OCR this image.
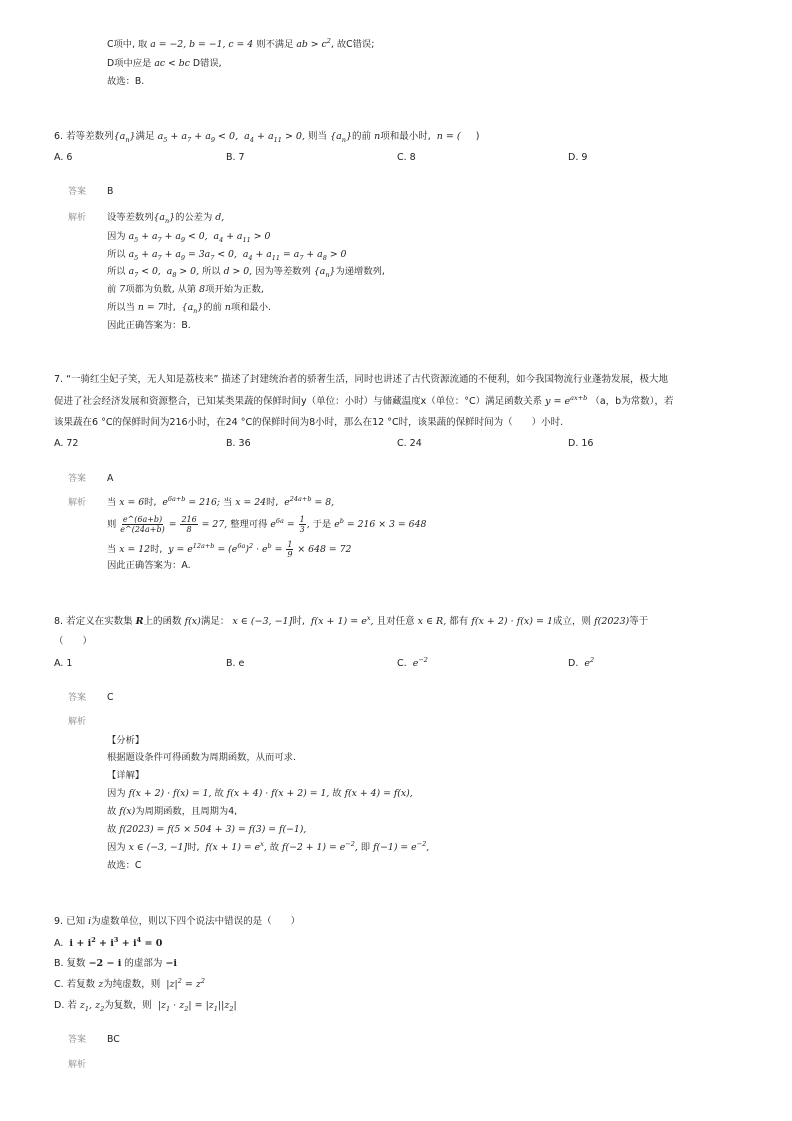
C项中, 取 a = −2, b = −1, c = 4 则不满足 ab > $c^2$, 故C错误;
D项中应是 ac < bc D错误,
故选：B.
6. 若等差数列$\{a_n\}$满足 $a_5 + a_7 + a_9 < 0$, $a_4 + a_{11} > 0$, 则当 $\{a_n\}$的前 n项和最小时, n = ( )
A. 6	B. 7	C. 8	D. 9
答案 B
解析 设等差数列$\{a_n\}$的公差为 d,
因为 $a_5 + a_7 + a_9 < 0$, $a_4 + a_{11} > 0$
所以 $a_5 + a_7 + a_9 = 3a_7 < 0$, $a_4 + a_{11} = a_7 + a_8 > 0$
所以 $a_7 < 0$, $a_8 > 0$, 所以 d > 0, 因为等差数列 $\{a_n\}$为递增数列,
前 7项都为负数, 从第 8项开始为正数,
所以当 n = 7时, $\{a_n\}$的前 n项和最小.
因此正确答案为：B.
7. “一骑红尘妃子笑，无人知是荔枝来” 描述了封建统治者的骄奢生活，同时也讲述了古代资源流通的不便利，如今我国物流行业蓬勃发展，极大地
促进了社会经济发展和资源整合，已知某类果蔬的保鲜时间y（单位：小时）与储藏温度x（单位：°C）满足函数关系 $y = e^{ax+b}$ （a，b为常数），若
该果蔬在6 °C的保鲜时间为216小时，在24 °C的保鲜时间为8小时，那么在12 °C时，该果蔬的保鲜时间为（　　）小时.
A. 72	B. 36	C. 24	D. 16
答案 A
解析 当 x = 6时, $e^{6a+b} = 216$; 当 x = 24时, $e^{24a+b} = 8$,
则 $\frac{e\^{}(6a+b)}{e\^{}(24a+b)} = \frac{216}{8} = 27$, 整理可得 $e^{6a} = \frac{1}{3}$ , 于是 $e^b = 216 \times 3 = 648$
当 x = 12时, $y = e^{12a+b} = (e^{6a})^2 \cdot e^b = \frac{1}{9} \times 648 = 72$
因此正确答案为：A.
8. 若定义在实数集 R上的函数 f(x)满足： x ∈ (−3, −1]时, $f(x + 1) = e^x$, 且对任意 x ∈ R, 都有 f(x + 2) · f(x) = 1成立，则 f(2023)等于
（　　）
A. 1	B. e	C. $e^{-2}$	D. $e^2$
答案 C
解析
【分析】
根据题设条件可得函数为周期函数，从而可求.
【详解】
因为 f(x + 2) · f(x) = 1, 故 f(x + 4) · f(x + 2) = 1, 故 f(x + 4) = f(x),
故 f(x)为周期函数，且周期为4,
故 f(2023) = f(5 × 504 + 3) = f(3) = f(−1),
因为 x ∈ (−3, −1]时, $f(x + 1) = e^x$, 故 $f(-2 + 1) = e^{-2}$, 即 $f(-1) = e^{-2}$,
故选：C
9. 已知 i为虚数单位，则以下四个说法中错误的是（　　）
A. $i + i^2 + i^3 + i^4 = 0$
B. 复数 −2 − i 的虚部为 −i
C. 若复数 z为纯虚数，则 $|z|^2 = z^2$
D. 若 $z_1$, $z_2$为复数，则 $|z_1 \cdot z_2| = |z_1||z_2|$
答案 BC
解析
